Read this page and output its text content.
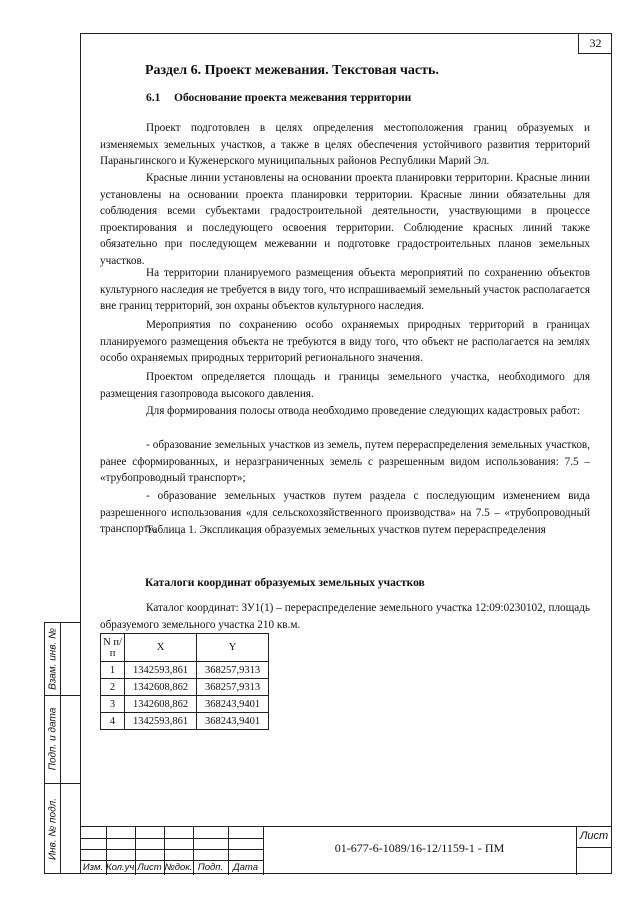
32
Взам. инв. №
Подп. и дата
Инв. № подл.
Раздел 6. Проект межевания. Текстовая часть.
6.1 Обоснование проекта межевания территории

Проект подготовлен в целях определения местоположения границ образуемых и изменяемых земельных участков, а также в целях обеспечения устойчивого развития территорий Параньгинского и Куженерского муниципальных районов Республики Марий Эл.

Красные линии установлены на основании проекта планировки территории. Красные линии установлены на основании проекта планировки территории. Красные линии обязательны для соблюдения всеми субъектами градостроительной деятельности, участвующими в процессе проектирования и последующего освоения территории. Соблюдение красных линий также обязательно при последующем межевании и подготовке градостроительных планов земельных участков.

На территории планируемого размещения объекта мероприятий по сохранению объектов культурного наследия не требуется в виду того, что испрашиваемый земельный участок располагается вне границ территорий, зон охраны объектов культурного наследия.

Мероприятия по сохранению особо охраняемых природных территорий в границах планируемого размещения объекта не требуются в виду того, что объект не располагается на землях особо охраняемых природных территорий регионального значения.

Проектом определяется площадь и границы земельного участка, необходимого для размещения газопровода высокого давления.

Для формирования полосы отвода необходимо проведение следующих кадастровых работ:

- образование земельных участков из земель, путем перераспределения земельных участков, ранее сформированных, и неразграниченных земель с разрешенным видом использования: 7.5 – «трубопроводный транспорт»;

- образование земельных участков путем раздела с последующим изменением вида разрешенного использования «для сельскохозяйственного производства» на 7.5 – «трубопроводный транспорт».

Таблица 1. Экспликация образуемых земельных участков путем перераспределения

Каталоги координат образуемых земельных участков

Каталог координат: ЗУ1(1) – перераспределение земельного участка 12:09:0230102, площадь образуемого земельного участка 210 кв.м.

N п/п	X	Y
1	1342593,861	368257,9313
2	1342608,862	368257,9313
3	1342608,862	368243,9401
4	1342593,861	368243,9401
Изм. Кол.уч. Лист №док. Подп.	Дата
01-677-6-1089/16-12/1159-1 - ПМ
Лист
